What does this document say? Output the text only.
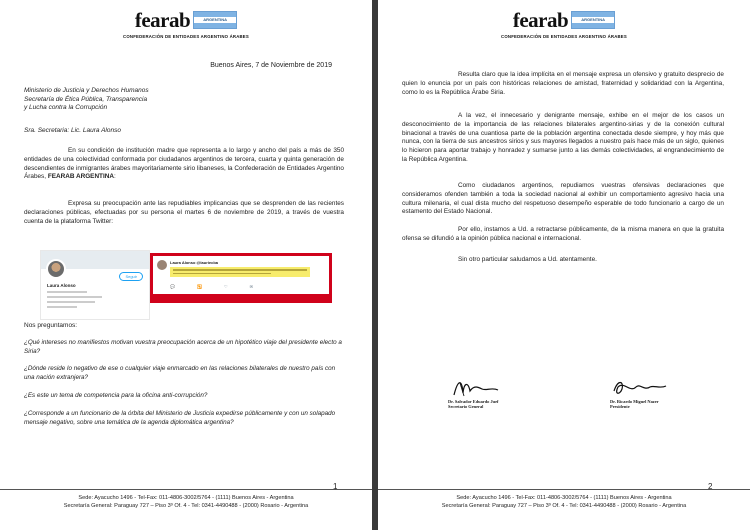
fearab	ARGENTINA
CONFEDERACIÓN DE ENTIDADES ARGENTINO ÁRABES
Buenos Aires, 7 de Noviembre de 2019
Ministerio de Justicia y Derechos Humanos
Secretaría de Ética Pública, Transparencia
y Lucha contra la Corrupción
Sra. Secretaria: Lic. Laura Alonso
En su condición de institución madre que representa a lo largo y ancho del país a más de 350 entidades de una colectividad conformada por ciudadanos argentinos de tercera, cuarta y quinta generación de descendientes de inmigrantes árabes mayoritariamente sirio libaneses, la Confederación de Entidades Argentino Árabes, FEARAB ARGENTINA:
Expresa su preocupación ante las repudiables implicancias que se desprenden de las recientes declaraciones públicas, efectuadas por su persona el martes 6 de noviembre de 2019, a través de vuestra cuenta de la plataforma Twitter:
Seguir
Laura Alonso
Laura Alonso @lauriecba
💬	🔁	♡	✉
Nos preguntamos:
¿Qué intereses no manifiestos motivan vuestra preocupación acerca de un hipotético viaje del presidente electo a Siria?
¿Dónde reside lo negativo de ese o cualquier viaje enmarcado en las relaciones bilaterales de nuestro país con una nación extranjera?
¿Es este un tema de competencia para la oficina anti-corrupción?
¿Corresponde a un funcionario de la órbita del Ministerio de Justicia expedirse públicamente y con un solapado mensaje negativo, sobre una temática de la agenda diplomática argentina?
1
Sede: Ayacucho 1496 - Tel-Fax: 011-4806-3002/5764 - (1111) Buenos Aires - Argentina
Secretaría General: Paraguay 727 – Piso 3º Of. 4 - Tel: 0341-4490488 - (2000) Rosario - Argentina
fearab	ARGENTINA
CONFEDERACIÓN DE ENTIDADES ARGENTINO ÁRABES
Resulta claro que la idea implícita en el mensaje expresa un ofensivo y gratuito desprecio de quien lo enuncia por un país con históricas relaciones de amistad, fraternidad y solidaridad con la Argentina, como lo es la República Árabe Siria.
A la vez, el innecesario y denigrante mensaje, exhibe en el mejor de los casos un desconocimiento de la importancia de las relaciones bilaterales argentino-sirias y de la conexión cultural binacional a través de una cuantiosa parte de la población argentina conectada desde siempre, y hoy más que nunca, con la tierra de sus ancestros sirios y sus mayores llegados a nuestro país hace más de un siglo, quienes lo hicieron para aportar trabajo y honradez y sumarse junto a las demás colectividades, al engrandecimiento de la República Argentina.
Como ciudadanos argentinos, repudiamos vuestras ofensivas declaraciones que consideramos ofenden también a toda la sociedad nacional al exhibir un comportamiento agresivo hacia una cultura milenaria, el cual dista mucho del respetuoso desempeño esperable de todo funcionario a cargo de un estamento del Estado Nacional.
Por ello, instamos a Ud. a retractarse públicamente, de la misma manera en que la gratuita ofensa se difundió a la opinión pública nacional e internacional.
Sin otro particular saludamos a Ud. atentamente.
Dr. Salvador Eduardo Juef
Secretario General
Dr. Ricardo Miguel Nazer
Presidente
2
Sede: Ayacucho 1496 - Tel-Fax: 011-4806-3002/5764 - (1111) Buenos Aires - Argentina
Secretaría General: Paraguay 727 – Piso 3º Of. 4 - Tel: 0341-4490488 - (2000) Rosario - Argentina
